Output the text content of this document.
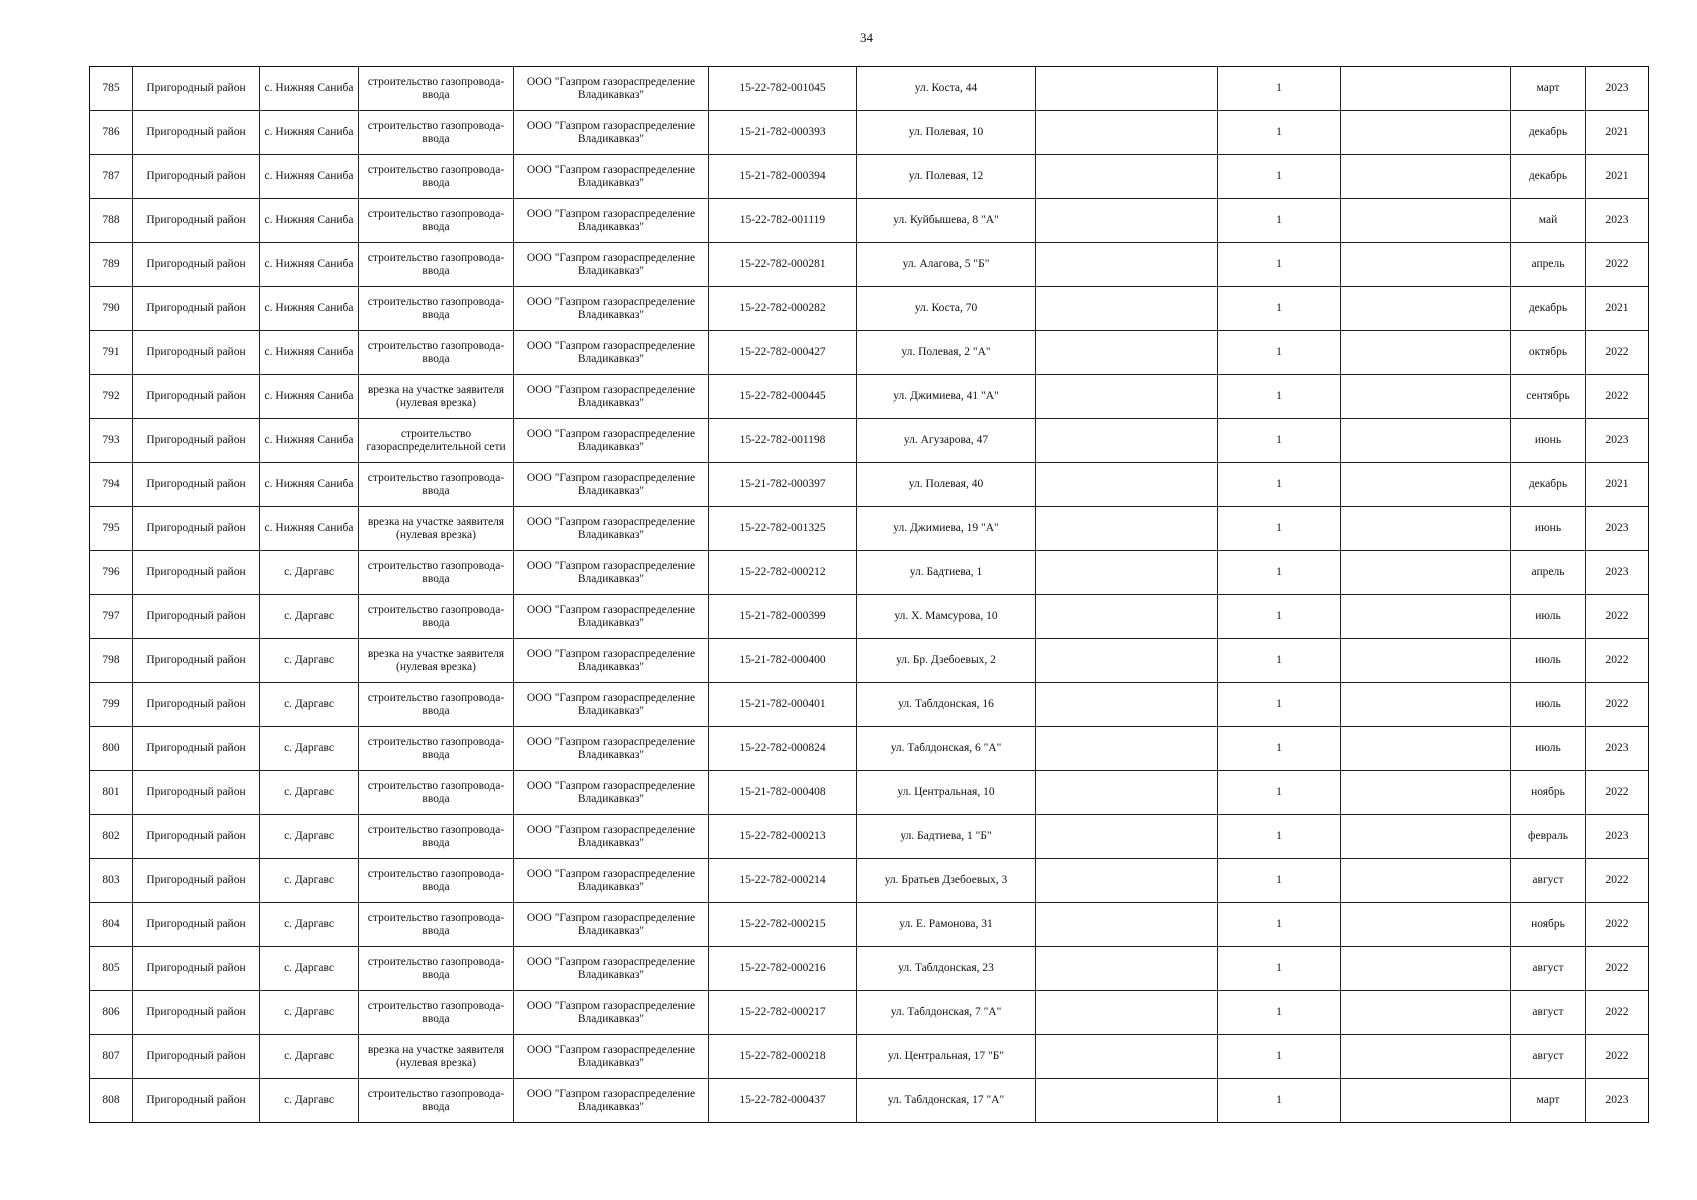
34
785	Пригородный район	с. Нижняя Саниба	строительство газопровода-ввода	ООО "Газпром газораспределение Владикавказ"	15-22-782-001045	ул. Коста, 44		1		март	2023
786	Пригородный район	с. Нижняя Саниба	строительство газопровода-ввода	ООО "Газпром газораспределение Владикавказ"	15-21-782-000393	ул. Полевая, 10		1		декабрь	2021
787	Пригородный район	с. Нижняя Саниба	строительство газопровода-ввода	ООО "Газпром газораспределение Владикавказ"	15-21-782-000394	ул. Полевая, 12		1		декабрь	2021
788	Пригородный район	с. Нижняя Саниба	строительство газопровода-ввода	ООО "Газпром газораспределение Владикавказ"	15-22-782-001119	ул. Куйбышева, 8 "А"		1		май	2023
789	Пригородный район	с. Нижняя Саниба	строительство газопровода-ввода	ООО "Газпром газораспределение Владикавказ"	15-22-782-000281	ул. Алагова, 5 "Б"		1		апрель	2022
790	Пригородный район	с. Нижняя Саниба	строительство газопровода-ввода	ООО "Газпром газораспределение Владикавказ"	15-22-782-000282	ул. Коста, 70		1		декабрь	2021
791	Пригородный район	с. Нижняя Саниба	строительство газопровода-ввода	ООО "Газпром газораспределение Владикавказ"	15-22-782-000427	ул. Полевая, 2 "А"		1		октябрь	2022
792	Пригородный район	с. Нижняя Саниба	врезка на участке заявителя (нулевая врезка)	ООО "Газпром газораспределение Владикавказ"	15-22-782-000445	ул. Джимиева, 41 "А"		1		сентябрь	2022
793	Пригородный район	с. Нижняя Саниба	строительство газораспределительной сети	ООО "Газпром газораспределение Владикавказ"	15-22-782-001198	ул. Агузарова, 47		1		июнь	2023
794	Пригородный район	с. Нижняя Саниба	строительство газопровода-ввода	ООО "Газпром газораспределение Владикавказ"	15-21-782-000397	ул. Полевая, 40		1		декабрь	2021
795	Пригородный район	с. Нижняя Саниба	врезка на участке заявителя (нулевая врезка)	ООО "Газпром газораспределение Владикавказ"	15-22-782-001325	ул. Джимиева, 19 "А"		1		июнь	2023
796	Пригородный район	с. Даргавс	строительство газопровода-ввода	ООО "Газпром газораспределение Владикавказ"	15-22-782-000212	ул. Бадтиева, 1		1		апрель	2023
797	Пригородный район	с. Даргавс	строительство газопровода-ввода	ООО "Газпром газораспределение Владикавказ"	15-21-782-000399	ул. Х. Мамсурова, 10		1		июль	2022
798	Пригородный район	с. Даргавс	врезка на участке заявителя (нулевая врезка)	ООО "Газпром газораспределение Владикавказ"	15-21-782-000400	ул. Бр. Дзебоевых, 2		1		июль	2022
799	Пригородный район	с. Даргавс	строительство газопровода-ввода	ООО "Газпром газораспределение Владикавказ"	15-21-782-000401	ул. Таблдонская, 16		1		июль	2022
800	Пригородный район	с. Даргавс	строительство газопровода-ввода	ООО "Газпром газораспределение Владикавказ"	15-22-782-000824	ул. Таблдонская, 6 "А"		1		июль	2023
801	Пригородный район	с. Даргавс	строительство газопровода-ввода	ООО "Газпром газораспределение Владикавказ"	15-21-782-000408	ул. Центральная, 10		1		ноябрь	2022
802	Пригородный район	с. Даргавс	строительство газопровода-ввода	ООО "Газпром газораспределение Владикавказ"	15-22-782-000213	ул. Бадтиева, 1 "Б"		1		февраль	2023
803	Пригородный район	с. Даргавс	строительство газопровода-ввода	ООО "Газпром газораспределение Владикавказ"	15-22-782-000214	ул. Братьев Дзебоевых, 3		1		август	2022
804	Пригородный район	с. Даргавс	строительство газопровода-ввода	ООО "Газпром газораспределение Владикавказ"	15-22-782-000215	ул. Е. Рамонова, 31		1		ноябрь	2022
805	Пригородный район	с. Даргавс	строительство газопровода-ввода	ООО "Газпром газораспределение Владикавказ"	15-22-782-000216	ул. Таблдонская, 23		1		август	2022
806	Пригородный район	с. Даргавс	строительство газопровода-ввода	ООО "Газпром газораспределение Владикавказ"	15-22-782-000217	ул. Таблдонская, 7 "А"		1		август	2022
807	Пригородный район	с. Даргавс	врезка на участке заявителя (нулевая врезка)	ООО "Газпром газораспределение Владикавказ"	15-22-782-000218	ул. Центральная, 17 "Б"		1		август	2022
808	Пригородный район	с. Даргавс	строительство газопровода-ввода	ООО "Газпром газораспределение Владикавказ"	15-22-782-000437	ул. Таблдонская, 17 "А"		1		март	2023
